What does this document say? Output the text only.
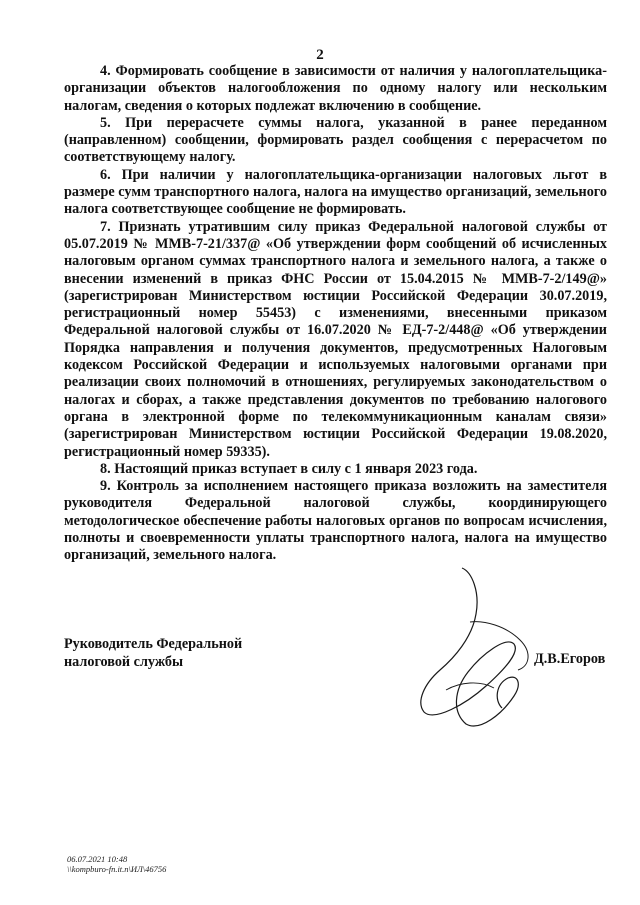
2

4. Формировать сообщение в зависимости от наличия у налогоплательщика-организации объектов налогообложения по одному налогу или нескольким налогам, сведения о которых подлежат включению в сообщение.

5. При перерасчете суммы налога, указанной в ранее переданном (направленном) сообщении, формировать раздел сообщения с перерасчетом по соответствующему налогу.

6. При наличии у налогоплательщика-организации налоговых льгот в размере сумм транспортного налога, налога на имущество организаций, земельного налога соответствующее сообщение не формировать.

7. Признать утратившим силу приказ Федеральной налоговой службы от 05.07.2019 № ММВ-7-21/337@ «Об утверждении форм сообщений об исчисленных налоговым органом суммах транспортного налога и земельного налога, а также о внесении изменений в приказ ФНС России от 15.04.2015 № ММВ-7-2/149@» (зарегистрирован Министерством юстиции Российской Федерации 30.07.2019, регистрационный номер 55453) с изменениями, внесенными приказом Федеральной налоговой службы от 16.07.2020 № ЕД-7-2/448@ «Об утверждении Порядка направления и получения документов, предусмотренных Налоговым кодексом Российской Федерации и используемых налоговыми органами при реализации своих полномочий в отношениях, регулируемых законодательством о налогах и сборах, а также представления документов по требованию налогового органа в электронной форме по телекоммуникационным каналам связи» (зарегистрирован Министерством юстиции Российской Федерации 19.08.2020, регистрационный номер 59335).

8. Настоящий приказ вступает в силу с 1 января 2023 года.

9. Контроль за исполнением настоящего приказа возложить на заместителя руководителя Федеральной налоговой службы, координирующего методологическое обеспечение работы налоговых органов по вопросам исчисления, полноты и своевременности уплаты транспортного налога, налога на имущество организаций, земельного налога.

Руководитель Федеральной
налоговой службы	Д.В.Егоров
06.07.2021 10:48
\\kompburo-fn.it.n\ИЛ\46756
